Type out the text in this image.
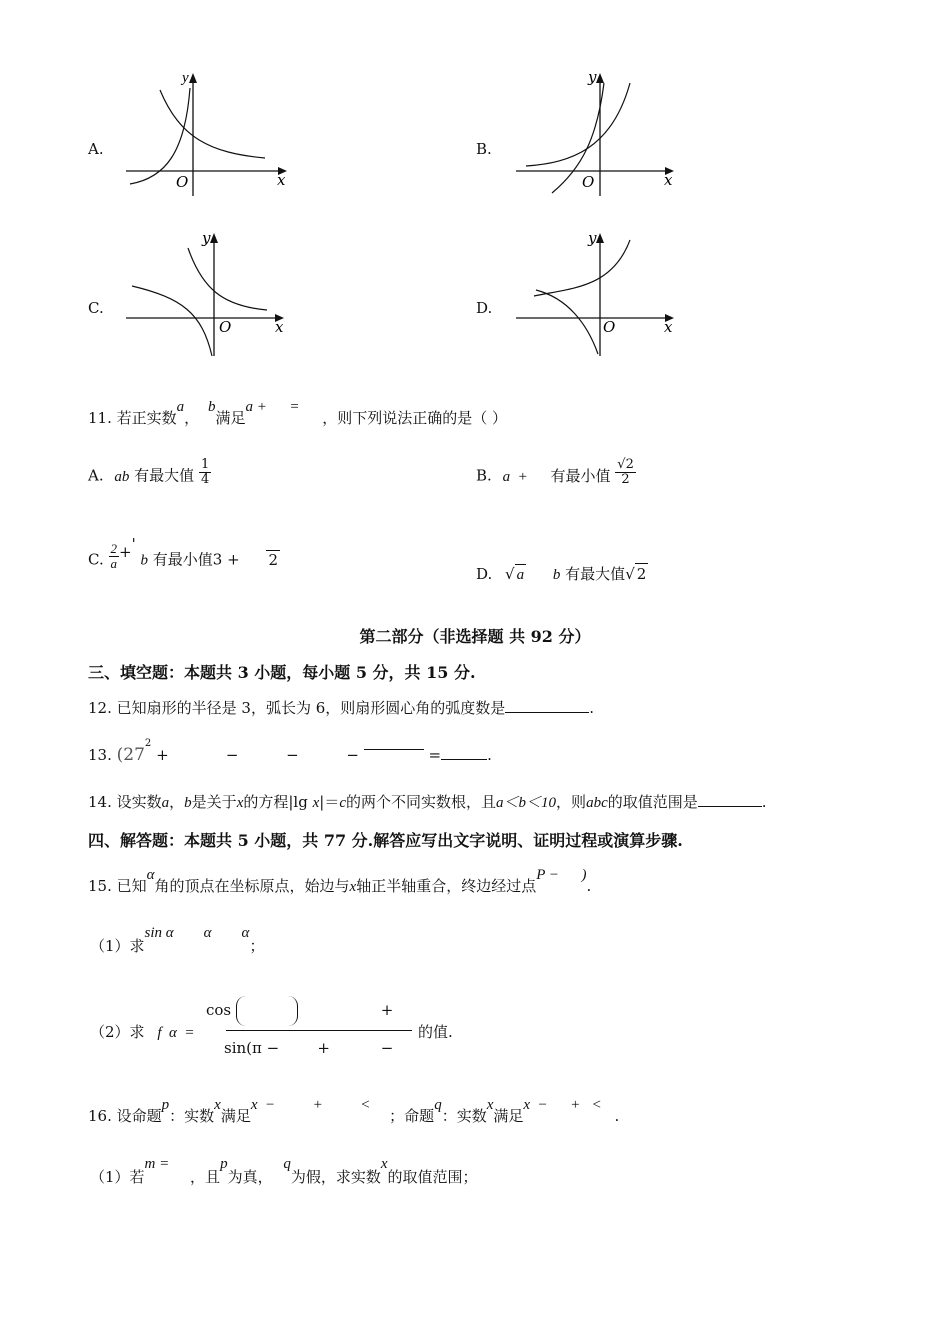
A.
y
x
O
B.
y
x
O
C.
y
x
O
D.
y
x
O
11. 若正实数a， b满足a +      = ，则下列说法正确的是（ ）
A. ab 有最大值 $\frac{1}{4}$	B. a  + 有最小值 $\frac{√2}{2}$
C. $\frac{2}{a}$ +' b 有最小值3 + 2
D. √ a b 有最大值√ 2
第二部分（非选择题 共 92 分）
三、填空题：本题共 3 小题，每小题 5 分，共 15 分.
12. 已知扇形的半径是 3，弧长为 6，则扇形圆心角的弧度数是	.
13. ($27^2$ +            −          −          −	=	.
14. 设实数a，b是关于x的方程|lg x|＝c的两个不同实数根，且a＜b＜10，则abc的取值范围是	.
四、解答题：本题共 5 小题，共 77 分.解答应写出文字说明、证明过程或演算步骤.
15. 已知α角的顶点在坐标原点，始边与x轴正半轴重合，终边经过点P −      ).
（1）求sin α        α        α；
（2）求 f  α  =
cos	+
sin(π −        +	−
的值.
16. 设命题p：实数x满足x  −          +          < ；命题q：实数x满足x  −      +   < .
（1）若m = ，且p为真， q为假，求实数x的取值范围；
